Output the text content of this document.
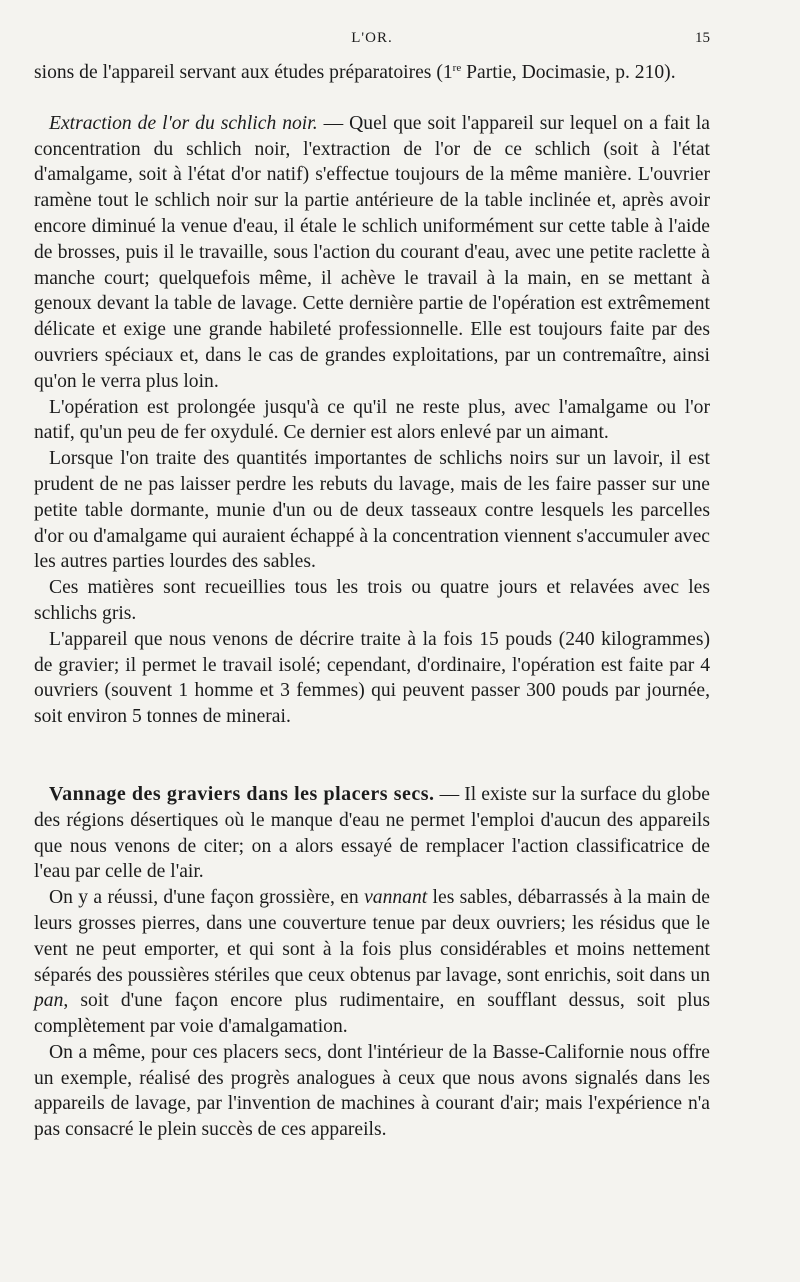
L'OR.	15

sions de l'appareil servant aux études préparatoires (1re Partie, Docimasie, p. 210).

Extraction de l'or du schlich noir. — Quel que soit l'appareil sur lequel on a fait la concentration du schlich noir, l'extraction de l'or de ce schlich (soit à l'état d'amalgame, soit à l'état d'or natif) s'effectue toujours de la même manière. L'ouvrier ramène tout le schlich noir sur la partie antérieure de la table inclinée et, après avoir encore diminué la venue d'eau, il étale le schlich uniformément sur cette table à l'aide de brosses, puis il le travaille, sous l'action du courant d'eau, avec une petite raclette à manche court; quelquefois même, il achève le travail à la main, en se mettant à genoux devant la table de lavage. Cette dernière partie de l'opération est extrêmement délicate et exige une grande habileté professionnelle. Elle est toujours faite par des ouvriers spéciaux et, dans le cas de grandes exploitations, par un contremaître, ainsi qu'on le verra plus loin.

L'opération est prolongée jusqu'à ce qu'il ne reste plus, avec l'amalgame ou l'or natif, qu'un peu de fer oxydulé. Ce dernier est alors enlevé par un aimant.

Lorsque l'on traite des quantités importantes de schlichs noirs sur un lavoir, il est prudent de ne pas laisser perdre les rebuts du lavage, mais de les faire passer sur une petite table dormante, munie d'un ou de deux tasseaux contre lesquels les parcelles d'or ou d'amalgame qui auraient échappé à la concentration viennent s'accumuler avec les autres parties lourdes des sables.

Ces matières sont recueillies tous les trois ou quatre jours et relavées avec les schlichs gris.

L'appareil que nous venons de décrire traite à la fois 15 pouds (240 kilogrammes) de gravier; il permet le travail isolé; cependant, d'ordinaire, l'opération est faite par 4 ouvriers (souvent 1 homme et 3 femmes) qui peuvent passer 300 pouds par journée, soit environ 5 tonnes de minerai.

Vannage des graviers dans les placers secs. — Il existe sur la surface du globe des régions désertiques où le manque d'eau ne permet l'emploi d'aucun des appareils que nous venons de citer; on a alors essayé de remplacer l'action classificatrice de l'eau par celle de l'air.

On y a réussi, d'une façon grossière, en vannant les sables, débarrassés à la main de leurs grosses pierres, dans une couverture tenue par deux ouvriers; les résidus que le vent ne peut emporter, et qui sont à la fois plus considérables et moins nettement séparés des poussières stériles que ceux obtenus par lavage, sont enrichis, soit dans un pan, soit d'une façon encore plus rudimentaire, en soufflant dessus, soit plus complètement par voie d'amalgamation.

On a même, pour ces placers secs, dont l'intérieur de la Basse-Californie nous offre un exemple, réalisé des progrès analogues à ceux que nous avons signalés dans les appareils de lavage, par l'invention de machines à courant d'air; mais l'expérience n'a pas consacré le plein succès de ces appareils.
